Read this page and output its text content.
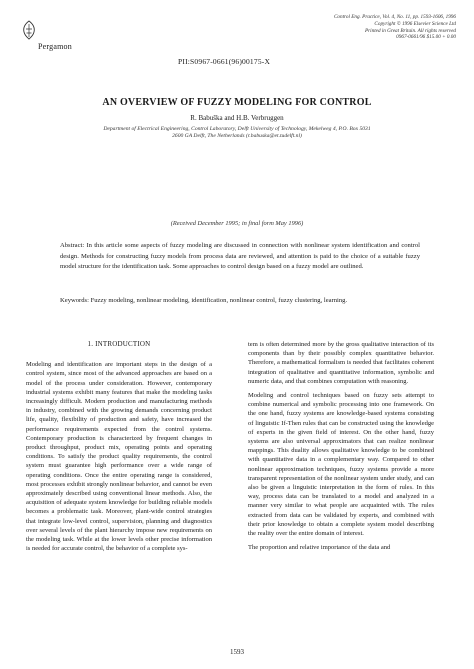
Pergamon
Control Eng. Practice, Vol. 4, No. 11, pp. 1593-1606, 1996
Copyright © 1996 Elsevier Science Ltd
Printed in Great Britain. All rights reserved
0967-0661/96 $15.00 + 0.00
PII:S0967-0661(96)00175-X
AN OVERVIEW OF FUZZY MODELING FOR CONTROL
R. Babuška and H.B. Verbruggen
Department of Electrical Engineering, Control Laboratory, Delft University of Technology, Mekelweg 4, P.O. Box 5031
2600 GA Delft, The Netherlands (r.babuska@et.tudelft.nl)
(Received December 1995; in final form May 1996)
Abstract: In this article some aspects of fuzzy modeling are discussed in connection with nonlinear system identification and control design. Methods for constructing fuzzy models from process data are reviewed, and attention is paid to the choice of a suitable fuzzy model structure for the identification task. Some approaches to control design based on a fuzzy model are outlined.
Keywords: Fuzzy modeling, nonlinear modeling, identification, nonlinear control, fuzzy clustering, learning.
1. INTRODUCTION

Modeling and identification are important steps in the design of a control system, since most of the advanced approaches are based on a model of the process under consideration. However, contemporary industrial systems exhibit many features that make the modeling tasks increasingly difficult. Modern production and manufacturing methods in industry, combined with the growing demands concerning product life, quality, flexibility of production and safety, have increased the performance requirements expected from the control systems. Contemporary production is characterized by frequent changes in product throughput, product mix, operating points and operating conditions. To satisfy the product quality requirements, the control system must guarantee high performance over a wide range of operating conditions. Once the entire operating range is considered, most processes exhibit strongly nonlinear behavior, and cannot be even approximately described using conventional linear methods. Also, the acquisition of adequate system knowledge for building reliable models becomes a problematic task. Moreover, plant-wide control strategies that integrate low-level control, supervision, planning and diagnostics over several levels of the plant hierarchy impose new requirements on the modeling task. While at the lower levels other precise information is needed for accurate control, the behavior of a complete sys-

tem is often determined more by the gross qualitative interaction of its components than by their possibly complex quantitative behavior. Therefore, a mathematical formalism is needed that facilitates coherent integration of qualitative and quantitative information, symbolic and numeric data, and that combines computation with reasoning.

Modeling and control techniques based on fuzzy sets attempt to combine numerical and symbolic processing into one framework. On the one hand, fuzzy systems are knowledge-based systems consisting of linguistic If-Then rules that can be constructed using the knowledge of experts in the given field of interest. On the other hand, fuzzy systems are also universal approximators that can realize nonlinear mappings. This duality allows qualitative knowledge to be combined with quantitative data in a complementary way. Compared to other nonlinear approximation techniques, fuzzy systems provide a more transparent representation of the nonlinear system under study, and can also be given a linguistic interpretation in the form of rules. In this way, process data can be translated to a model and analyzed in a manner very similar to what people are acquainted with. The rules extracted from data can be validated by experts, and combined with their prior knowledge to obtain a complete system model describing the reality over the entire domain of interest.

The proportion and relative importance of the data and

1593
